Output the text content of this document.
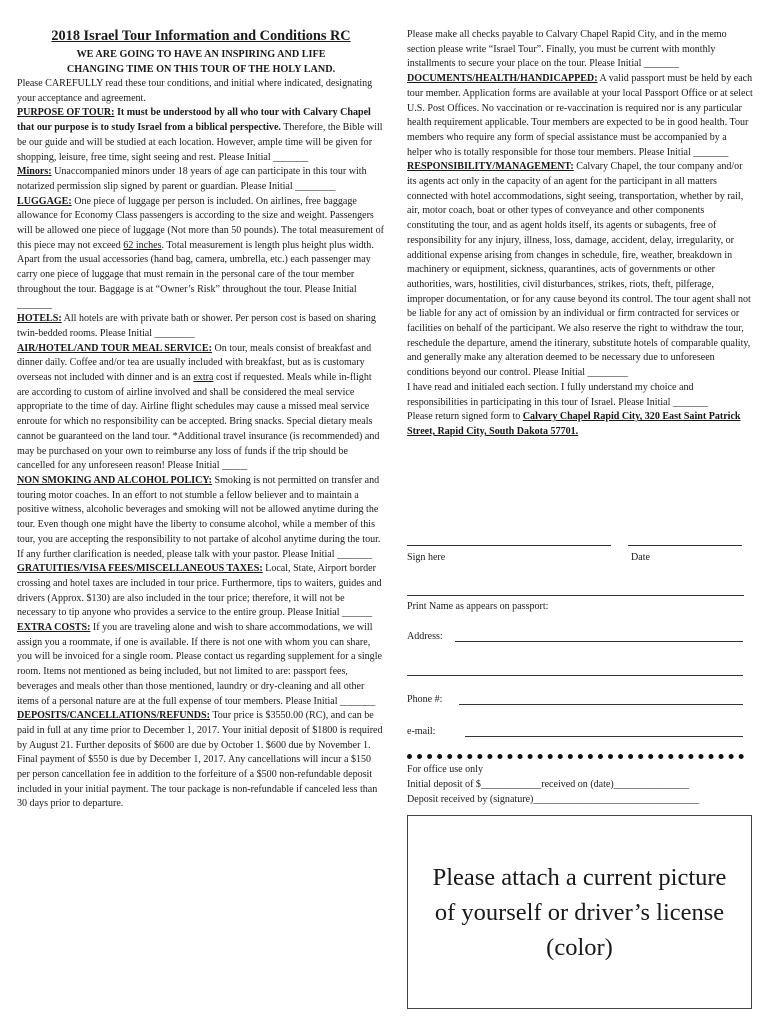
2018 Israel Tour Information and Conditions RC

WE ARE GOING TO HAVE AN INSPIRING AND LIFE

CHANGING TIME ON THIS TOUR OF THE HOLY LAND.

Please CAREFULLY read these tour conditions, and initial where indicated, designating your acceptance and agreement.

PURPOSE OF TOUR: It must be understood by all who tour with Calvary Chapel that our purpose is to study Israel from a biblical perspective. Therefore, the Bible will be our guide and will be studied at each location. However, ample time will be given for shopping, leisure, free time, sight seeing and rest. Please Initial _______

Minors: Unaccompanied minors under 18 years of age can participate in this tour with notarized permission slip signed by parent or guardian. Please Initial ________

LUGGAGE: One piece of luggage per person is included. On airlines, free baggage allowance for Economy Class passengers is according to the size and weight. Passengers will be allowed one piece of luggage (Not more than 50 pounds). The total measurement of this piece may not exceed 62 inches. Total measurement is length plus height plus width. Apart from the usual accessories (hand bag, camera, umbrella, etc.) each passenger may carry one piece of luggage that must remain in the personal care of the tour member throughout the tour. Baggage is at “Owner’s Risk” throughout the tour. Please Initial _______

HOTELS: All hotels are with private bath or shower. Per person cost is based on sharing twin-bedded rooms. Please Initial ________

AIR/HOTEL/AND TOUR MEAL SERVICE: On tour, meals consist of breakfast and dinner daily. Coffee and/or tea are usually included with breakfast, but as is customary overseas not included with dinner and is an extra cost if requested. Meals while in-flight are according to custom of airline involved and shall be considered the meal service appropriate to the time of day. Airline flight schedules may cause a missed meal service enroute for which no responsibility can be accepted. Bring snacks. Special dietary meals cannot be guaranteed on the land tour. *Additional travel insurance (is recommended) and may be purchased on your own to reimburse any loss of funds if the trip should be cancelled for any unforeseen reason! Please Initial _____

NON SMOKING AND ALCOHOL POLICY: Smoking is not permitted on transfer and touring motor coaches. In an effort to not stumble a fellow believer and to maintain a positive witness, alcoholic beverages and smoking will not be allowed anytime during the tour. Even though one might have the liberty to consume alcohol, while a member of this tour, you are accepting the responsibility to not partake of alcohol anytime during the tour. If any further clarification is needed, please talk with your pastor. Please Initial _______

GRATUITIES/VISA FEES/MISCELLANEOUS TAXES: Local, State, Airport border crossing and hotel taxes are included in tour price. Furthermore, tips to waiters, guides and drivers (Approx. $130) are also included in the tour price; therefore, it will not be necessary to tip anyone who provides a service to the entire group. Please Initial ______

EXTRA COSTS: If you are traveling alone and wish to share accommodations, we will assign you a roommate, if one is available. If there is not one with whom you can share, you will be invoiced for a single room. Please contact us regarding supplement for a single room. Items not mentioned as being included, but not limited to are: passport fees, beverages and meals other than those mentioned, laundry or dry-cleaning and all other items of a personal nature are at the full expense of tour members. Please Initial _______

DEPOSITS/CANCELLATIONS/REFUNDS: Tour price is $3550.00 (RC), and can be paid in full at any time prior to December 1, 2017. Your initial deposit of $1800 is required by August 21. Further deposits of $600 are due by October 1. $600 due by November 1. Final payment of $550 is due by December 1, 2017. Any cancellations will incur a $150 per person cancellation fee in addition to the forfeiture of a $500 non-refundable deposit included in your initial payment. The tour package is non-refundable if canceled less than 30 days prior to departure.

Please make all checks payable to Calvary Chapel Rapid City, and in the memo section please write “Israel Tour”. Finally, you must be current with monthly installments to secure your place on the tour. Please Initial _______

DOCUMENTS/HEALTH/HANDICAPPED: A valid passport must be held by each tour member. Application forms are available at your local Passport Office or at select U.S. Post Offices. No vaccination or re-vaccination is required nor is any particular health requirement applicable. Tour members are expected to be in good health. Tour members who require any form of special assistance must be accompanied by a helper who is totally responsible for those tour members. Please Initial _______

RESPONSIBILITY/MANAGEMENT: Calvary Chapel, the tour company and/or its agents act only in the capacity of an agent for the participant in all matters connected with hotel accommodations, sight seeing, transportation, whether by rail, air, motor coach, boat or other types of conveyance and other components constituting the tour, and as agent holds itself, its agents or subagents, free of responsibility for any injury, illness, loss, damage, accident, delay, irregularity, or additional expense arising from changes in schedule, fire, weather, breakdown in machinery or equipment, sickness, quarantines, acts of governments or other authorities, wars, hostilities, civil disturbances, strikes, riots, theft, pilferage, improper documentation, or for any cause beyond its control. The tour agent shall not be liable for any act of omission by an individual or firm contracted for services or facilities on behalf of the participant. We also reserve the right to withdraw the tour, reschedule the departure, amend the itinerary, substitute hotels of comparable quality, and generally make any alteration deemed to be necessary due to unforeseen conditions beyond our control. Please Initial ________

I have read and initialed each section. I fully understand my choice and responsibilities in participating in this tour of Israel. Please Initial _______

Please return signed form to Calvary Chapel Rapid City, 320 East Saint Patrick Street, Rapid City, South Dakota 57701.

Sign here	Date
Print Name as appears on passport:
Address:
Phone #:
e-mail:

For office use only

Initial deposit of $____________received on (date)_______________

Deposit received by (signature)_________________________________

Please attach a current picture of yourself or driver’s license (color)
